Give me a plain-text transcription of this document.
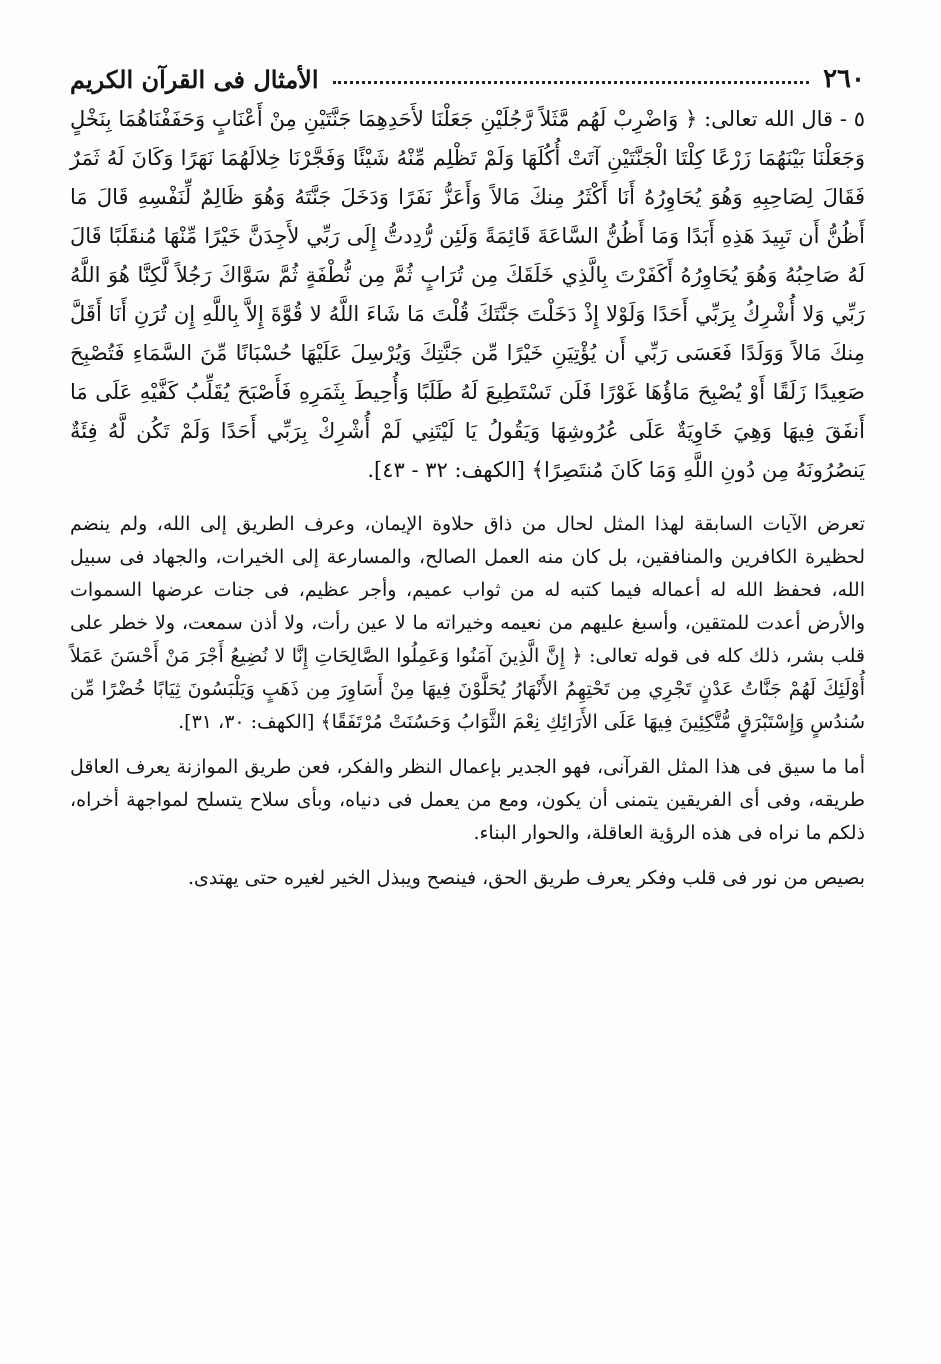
٢٦٠
الأمثال فى القرآن الكريم

٥ - قال الله تعالى: ﴿ وَاضْرِبْ لَهُم مَّثَلاً رَّجُلَيْنِ جَعَلْنَا لأَحَدِهِمَا جَنَّتَيْنِ مِنْ أَعْنَابٍ وَحَفَفْنَاهُمَا بِنَخْلٍ وَجَعَلْنَا بَيْنَهُمَا زَرْعًا كِلْتَا الْجَنَّتَيْنِ آتَتْ أُكُلَهَا وَلَمْ تَظْلِم مِّنْهُ شَيْئًا وَفَجَّرْنَا خِلالَهُمَا نَهَرًا وَكَانَ لَهُ ثَمَرٌ فَقَالَ لِصَاحِبِهِ وَهُوَ يُحَاوِرُهُ أَنَا أَكْثَرُ مِنكَ مَالاً وَأَعَزُّ نَفَرًا وَدَخَلَ جَنَّتَهُ وَهُوَ ظَالِمٌ لِّنَفْسِهِ قَالَ مَا أَظُنُّ أَن تَبِيدَ هَذِهِ أَبَدًا وَمَا أَظُنُّ السَّاعَةَ قَائِمَةً وَلَئِن رُّدِدتُّ إِلَى رَبِّي لأَجِدَنَّ خَيْرًا مِّنْهَا مُنقَلَبًا قَالَ لَهُ صَاحِبُهُ وَهُوَ يُحَاوِرُهُ أَكَفَرْتَ بِالَّذِي خَلَقَكَ مِن تُرَابٍ ثُمَّ مِن نُّطْفَةٍ ثُمَّ سَوَّاكَ رَجُلاً لَّكِنَّا هُوَ اللَّهُ رَبِّي وَلا أُشْرِكُ بِرَبِّي أَحَدًا وَلَوْلا إِذْ دَخَلْتَ جَنَّتَكَ قُلْتَ مَا شَاءَ اللَّهُ لا قُوَّةَ إِلاَّ بِاللَّهِ إِن تُرَنِ أَنَا أَقَلَّ مِنكَ مَالاً وَوَلَدًا فَعَسَى رَبِّي أَن يُؤْتِيَنِ خَيْرًا مِّن جَنَّتِكَ وَيُرْسِلَ عَلَيْهَا حُسْبَانًا مِّنَ السَّمَاءِ فَتُصْبِحَ صَعِيدًا زَلَقًا أَوْ يُصْبِحَ مَاؤُهَا غَوْرًا فَلَن تَسْتَطِيعَ لَهُ طَلَبًا وَأُحِيطَ بِثَمَرِهِ فَأَصْبَحَ يُقَلِّبُ كَفَّيْهِ عَلَى مَا أَنفَقَ فِيهَا وَهِيَ خَاوِيَةٌ عَلَى عُرُوشِهَا وَيَقُولُ يَا لَيْتَنِي لَمْ أُشْرِكْ بِرَبِّي أَحَدًا وَلَمْ تَكُن لَّهُ فِئَةٌ يَنصُرُونَهُ مِن دُونِ اللَّهِ وَمَا كَانَ مُنتَصِرًا﴾ [الكهف: ٣٢ - ٤٣].

تعرض الآيات السابقة لهذا المثل لحال من ذاق حلاوة الإيمان، وعرف الطريق إلى الله، ولم ينضم لحظيرة الكافرين والمنافقين، بل كان منه العمل الصالح، والمسارعة إلى الخيرات، والجهاد فى سبيل الله، فحفظ الله له أعماله فيما كتبه له من ثواب عميم، وأجر عظيم، فى جنات عرضها السموات والأرض أعدت للمتقين، وأسبغ عليهم من نعيمه وخيراته ما لا عين رأت، ولا أذن سمعت، ولا خطر على قلب بشر، ذلك كله فى قوله تعالى: ﴿ إِنَّ الَّذِينَ آمَنُوا وَعَمِلُوا الصَّالِحَاتِ إِنَّا لا نُضِيعُ أَجْرَ مَنْ أَحْسَنَ عَمَلاً أُوْلَئِكَ لَهُمْ جَنَّاتُ عَدْنٍ تَجْرِي مِن تَحْتِهِمُ الأَنْهَارُ يُحَلَّوْنَ فِيهَا مِنْ أَسَاوِرَ مِن ذَهَبٍ وَيَلْبَسُونَ ثِيَابًا خُضْرًا مِّن سُندُسٍ وَإِسْتَبْرَقٍ مُّتَّكِئِينَ فِيهَا عَلَى الأَرَائِكِ نِعْمَ الثَّوَابُ وَحَسُنَتْ مُرْتَفَقًا﴾ [الكهف: ٣٠، ٣١].

أما ما سيق فى هذا المثل القرآنى، فهو الجدير بإعمال النظر والفكر، فعن طريق الموازنة يعرف العاقل طريقه، وفى أى الفريقين يتمنى أن يكون، ومع من يعمل فى دنياه، وبأى سلاح يتسلح لمواجهة أخراه، ذلكم ما نراه فى هذه الرؤية العاقلة، والحوار البناء.

بصيص من نور فى قلب وفكر يعرف طريق الحق، فينصح ويبذل الخير لغيره حتى يهتدى.
